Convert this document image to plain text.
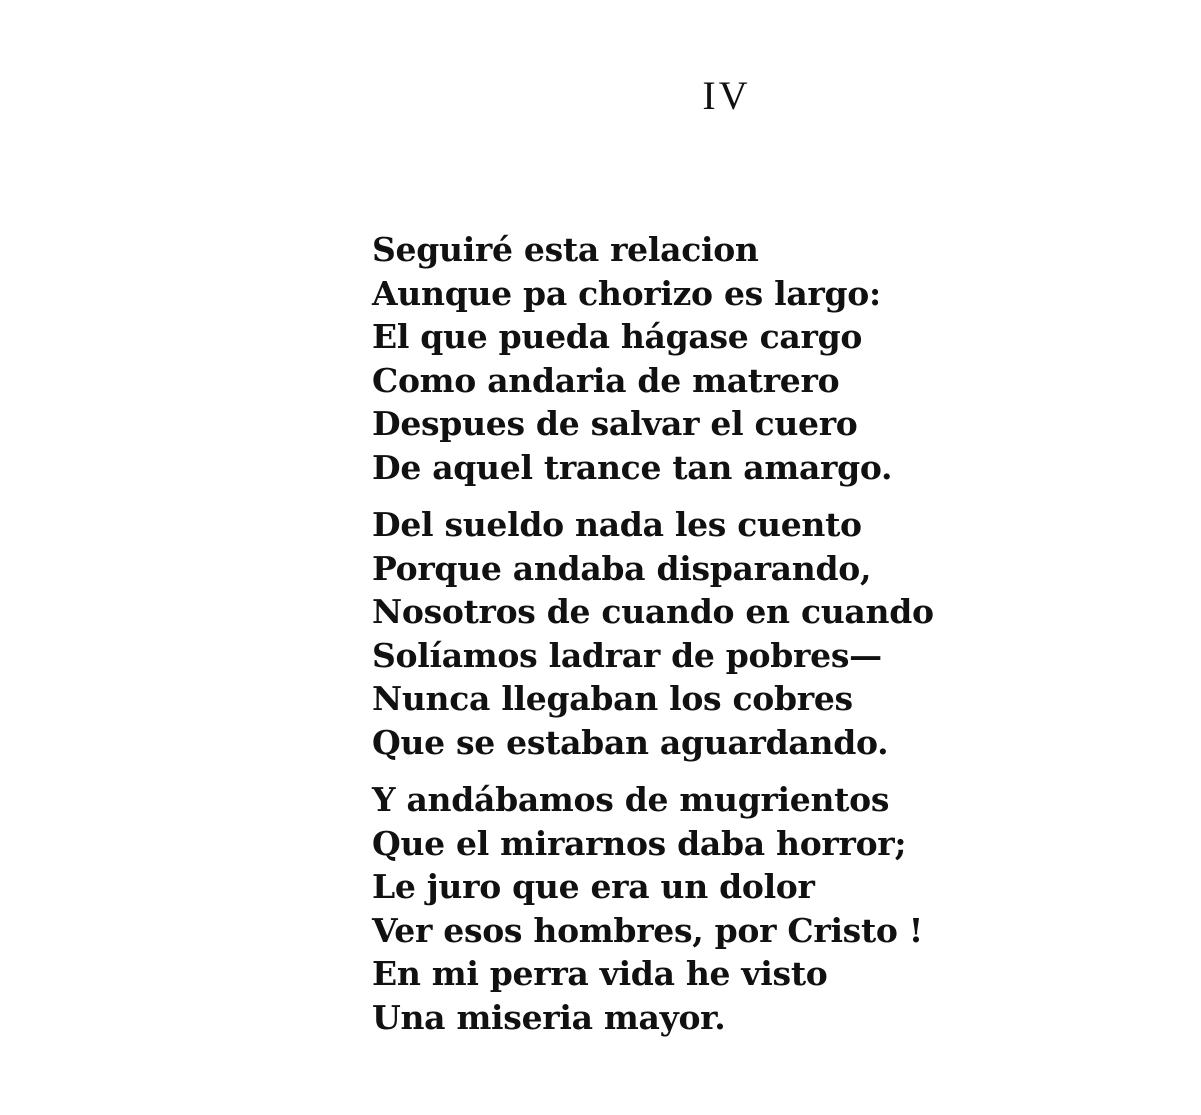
IV
Seguiré esta relacion
Aunque pa chorizo es largo:
El que pueda hágase cargo
Como andaria de matrero
Despues de salvar el cuero
De aquel trance tan amargo.
Del sueldo nada les cuento
Porque andaba disparando,
Nosotros de cuando en cuando
Solíamos ladrar de pobres—
Nunca llegaban los cobres
Que se estaban aguardando.
Y andábamos de mugrientos
Que el mirarnos daba horror;
Le juro que era un dolor
Ver esos hombres, por Cristo !
En mi perra vida he visto
Una miseria mayor.
